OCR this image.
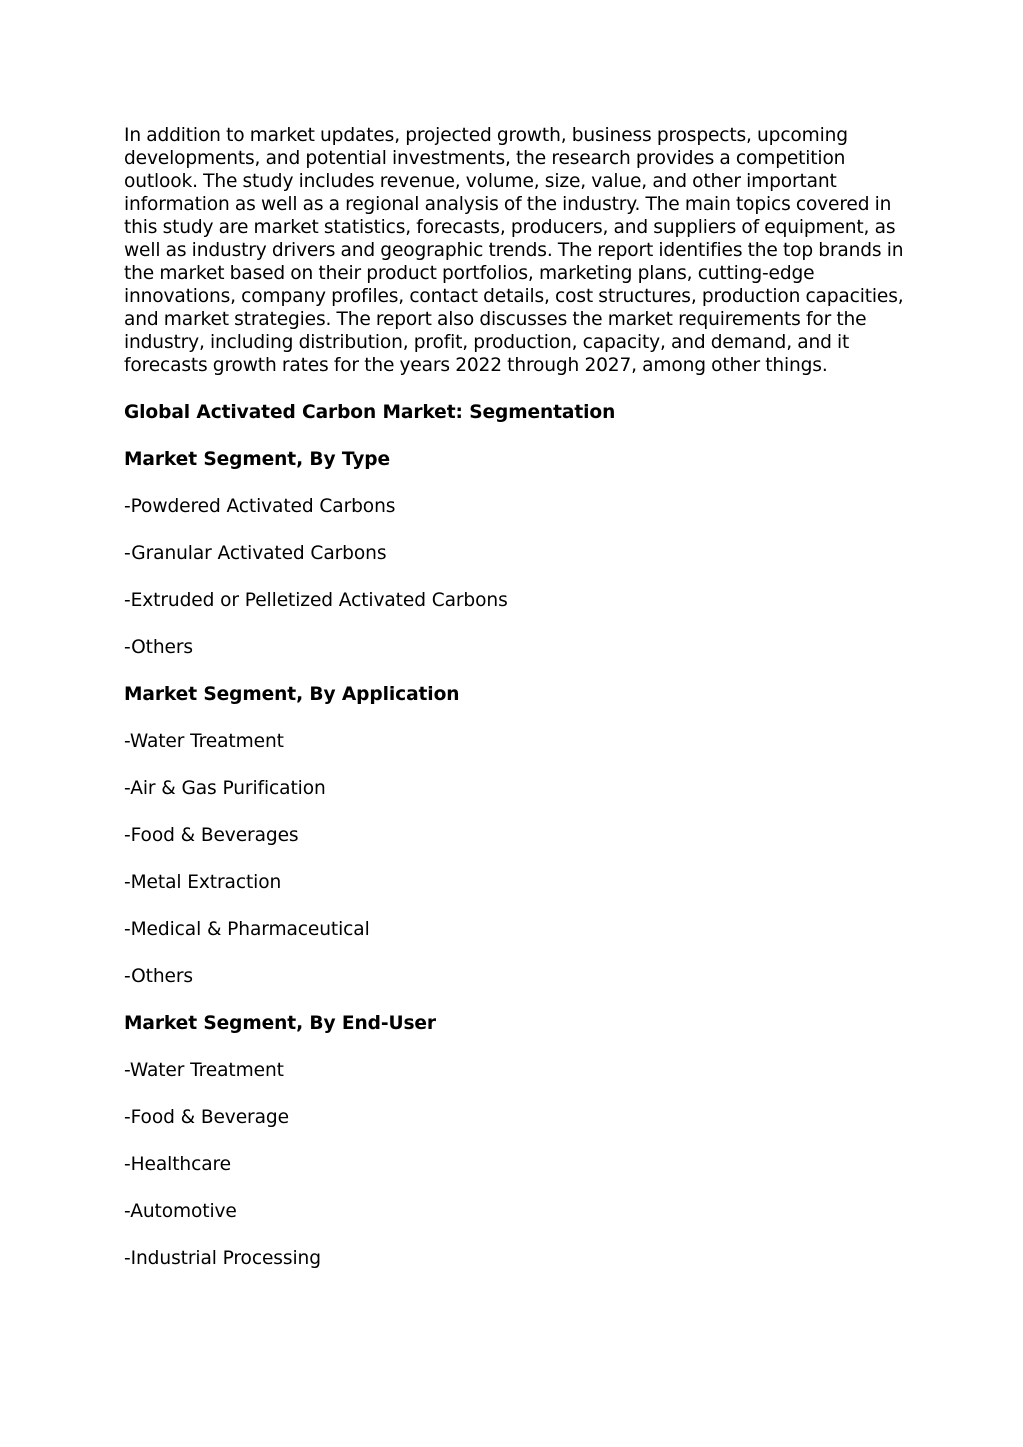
In addition to market updates, projected growth, business prospects, upcoming developments, and potential investments, the research provides a competition outlook. The study includes revenue, volume, size, value, and other important information as well as a regional analysis of the industry. The main topics covered in this study are market statistics, forecasts, producers, and suppliers of equipment, as well as industry drivers and geographic trends. The report identifies the top brands in the market based on their product portfolios, marketing plans, cutting-edge innovations, company profiles, contact details, cost structures, production capacities, and market strategies. The report also discusses the market requirements for the industry, including distribution, profit, production, capacity, and demand, and it forecasts growth rates for the years 2022 through 2027, among other things.

Global Activated Carbon Market: Segmentation

Market Segment, By Type

-Powdered Activated Carbons

-Granular Activated Carbons

-Extruded or Pelletized Activated Carbons

-Others

Market Segment, By Application

-Water Treatment

-Air & Gas Purification

-Food & Beverages

-Metal Extraction

-Medical & Pharmaceutical

-Others

Market Segment, By End-User

-Water Treatment

-Food & Beverage

-Healthcare

-Automotive

-Industrial Processing
